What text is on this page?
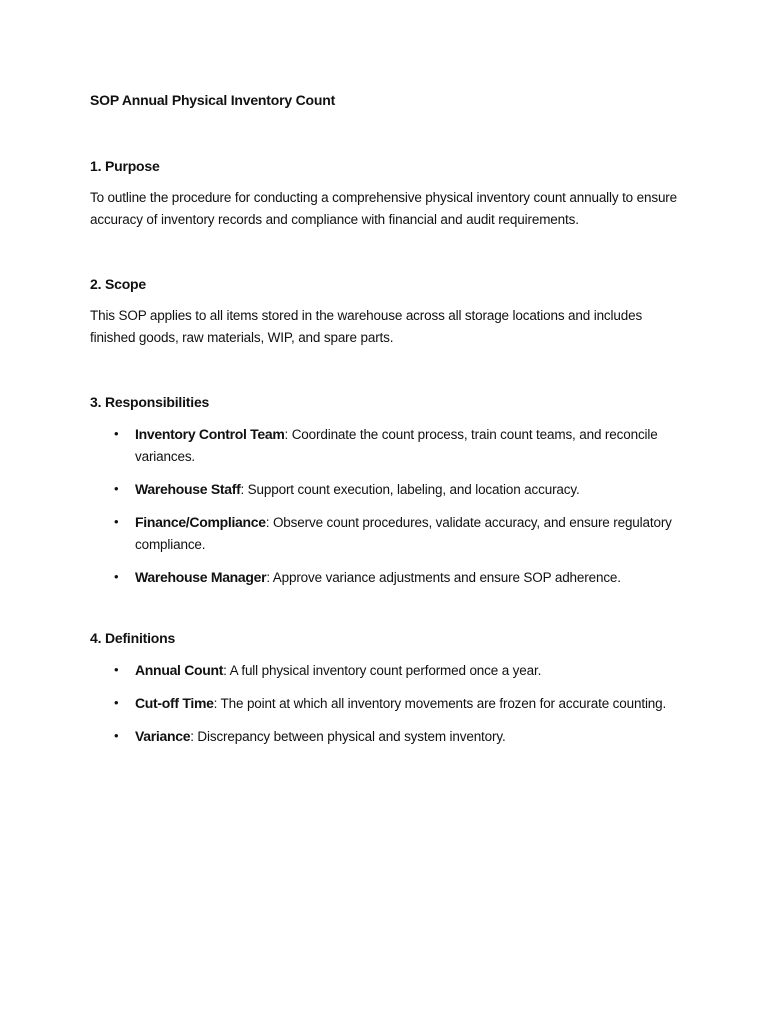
SOP Annual Physical Inventory Count
1. Purpose

To outline the procedure for conducting a comprehensive physical inventory count annually to ensure accuracy of inventory records and compliance with financial and audit requirements.

2. Scope

This SOP applies to all items stored in the warehouse across all storage locations and includes finished goods, raw materials, WIP, and spare parts.

3. Responsibilities
• Inventory Control Team: Coordinate the count process, train count teams, and reconcile variances.
• Warehouse Staff: Support count execution, labeling, and location accuracy.
• Finance/Compliance: Observe count procedures, validate accuracy, and ensure regulatory compliance.
• Warehouse Manager: Approve variance adjustments and ensure SOP adherence.
4. Definitions
• Annual Count: A full physical inventory count performed once a year.
• Cut-off Time: The point at which all inventory movements are frozen for accurate counting.
• Variance: Discrepancy between physical and system inventory.
